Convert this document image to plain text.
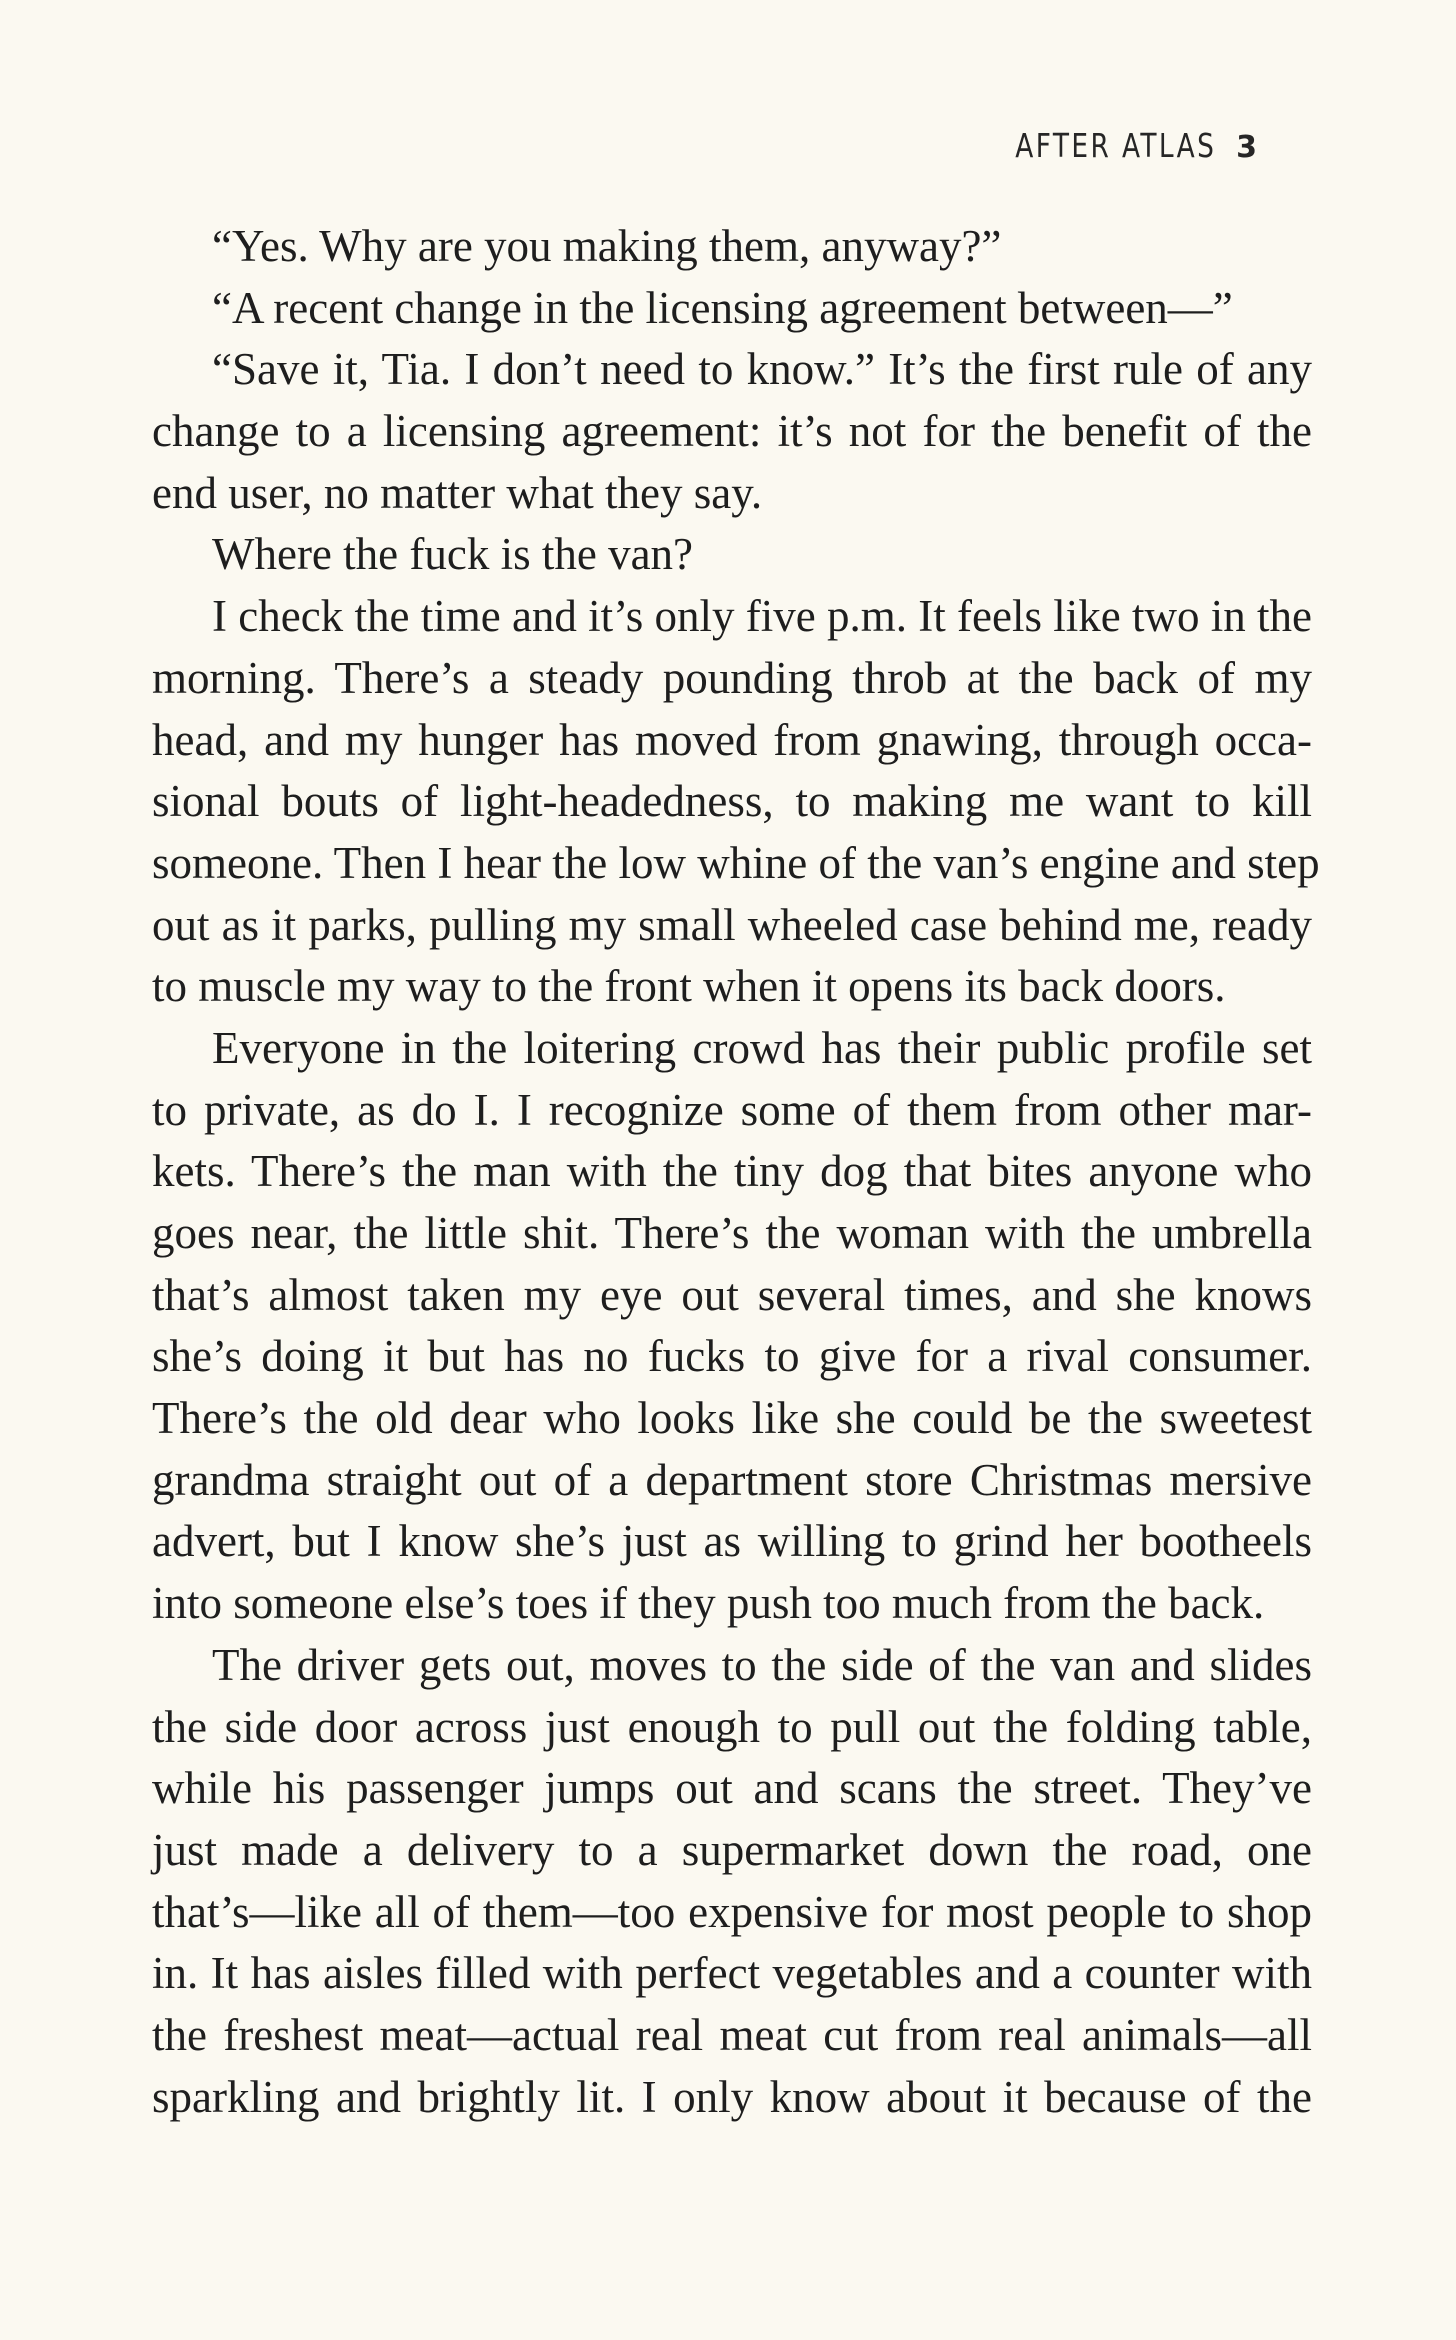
AFTER ATLAS 3

“Yes. Why are you making them, anyway?”

“A recent change in the licensing agreement between—”

“Save it, Tia. I don’t need to know.” It’s the first rule of any
change to a licensing agreement: it’s not for the benefit of the
end user, no matter what they say.

Where the fuck is the van?

I check the time and it’s only five p.m. It feels like two in the
morning. There’s a steady pounding throb at the back of my
head, and my hunger has moved from gnawing, through occa-
sional bouts of light-headedness, to making me want to kill
someone. Then I hear the low whine of the van’s engine and step
out as it parks, pulling my small wheeled case behind me, ready
to muscle my way to the front when it opens its back doors.

Everyone in the loitering crowd has their public profile set
to private, as do I. I recognize some of them from other mar-
kets. There’s the man with the tiny dog that bites anyone who
goes near, the little shit. There’s the woman with the umbrella
that’s almost taken my eye out several times, and she knows
she’s doing it but has no fucks to give for a rival consumer.
There’s the old dear who looks like she could be the sweetest
grandma straight out of a department store Christmas mersive
advert, but I know she’s just as willing to grind her bootheels
into someone else’s toes if they push too much from the back.

The driver gets out, moves to the side of the van and slides
the side door across just enough to pull out the folding table,
while his passenger jumps out and scans the street. They’ve
just made a delivery to a supermarket down the road, one
that’s—like all of them—too expensive for most people to shop
in. It has aisles filled with perfect vegetables and a counter with
the freshest meat—actual real meat cut from real animals—all
sparkling and brightly lit. I only know about it because of the
